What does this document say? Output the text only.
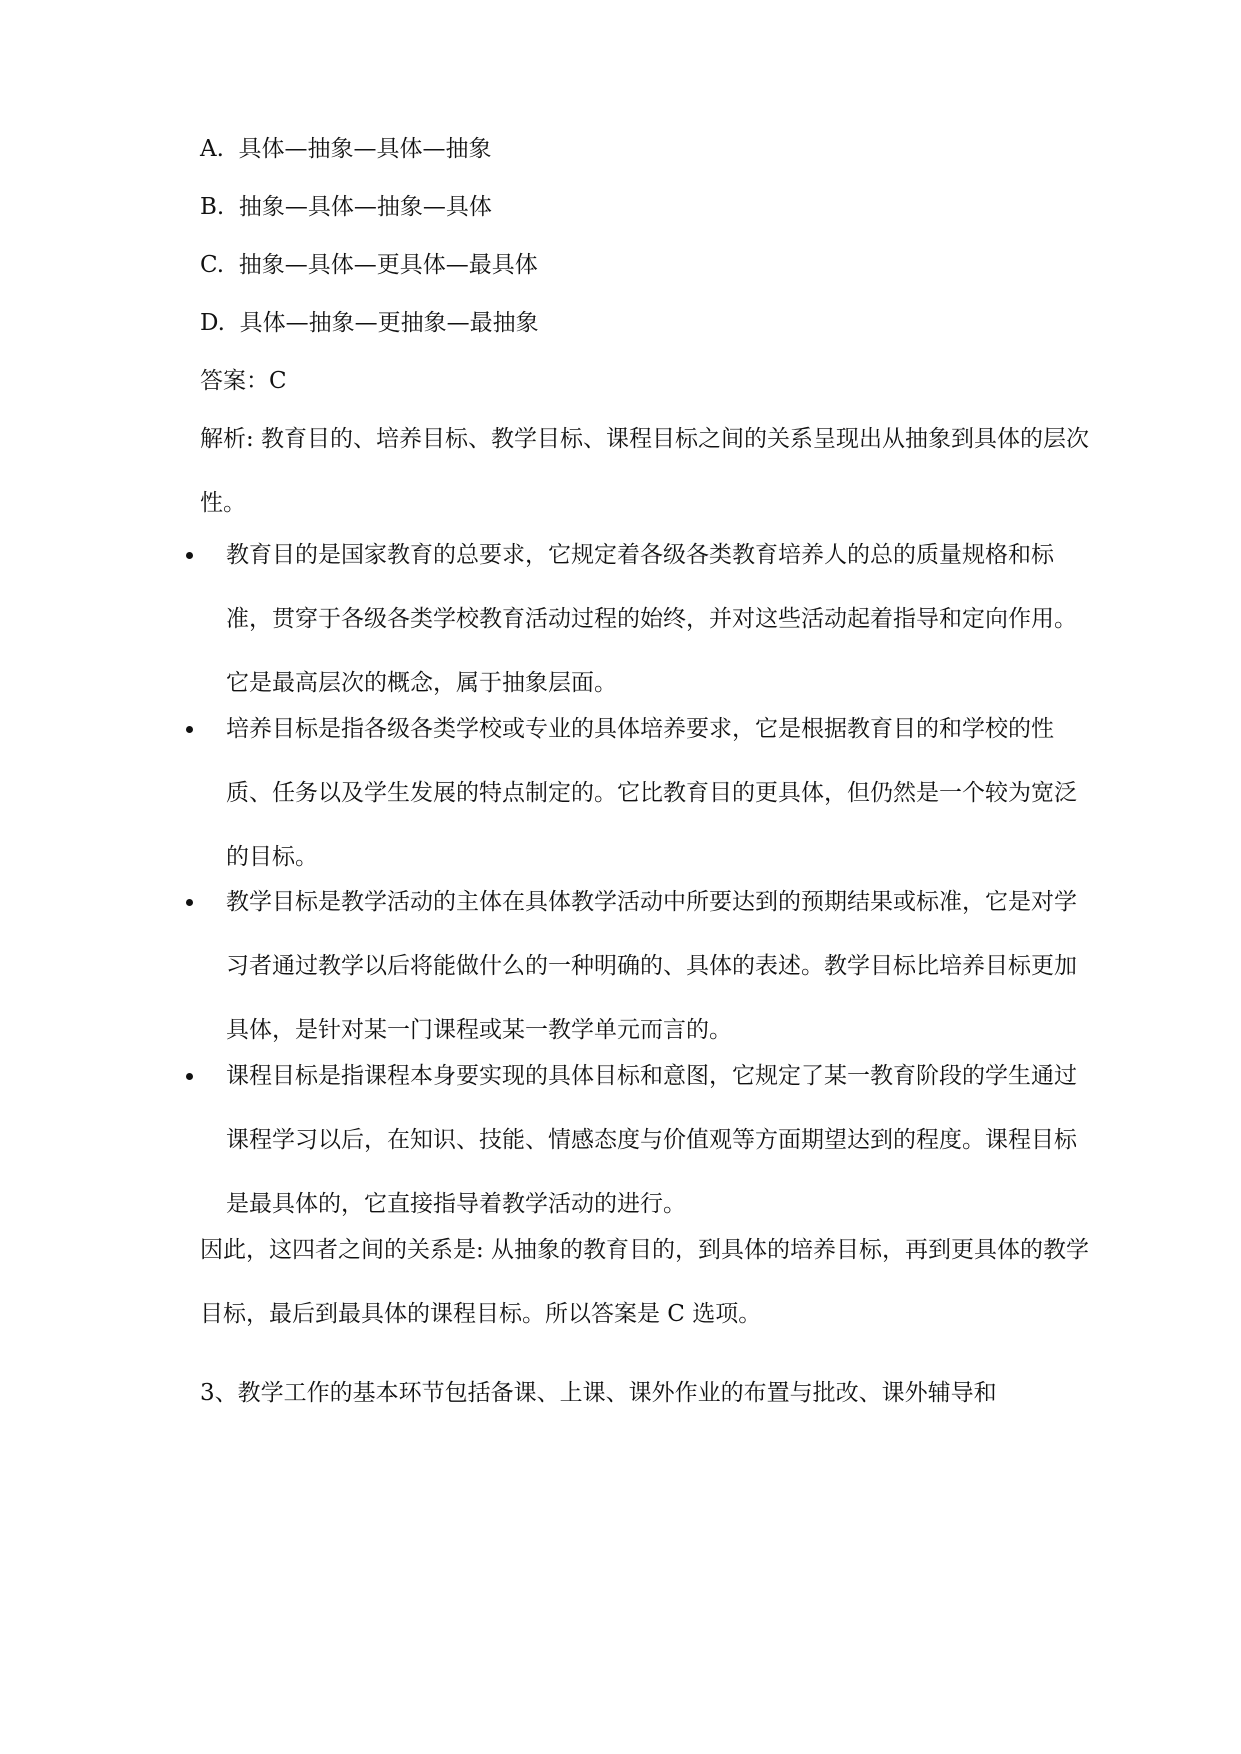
A. 具体—抽象—具体—抽象
B. 抽象—具体—抽象—具体
C. 抽象—具体—更具体—最具体
D. 具体—抽象—更抽象—最抽象
答案：C

解析: 教育目的、培养目标、教学目标、课程目标之间的关系呈现出从抽象到具体的层次性。

教育目的是国家教育的总要求，它规定着各级各类教育培养人的总的质量规格和标准，贯穿于各级各类学校教育活动过程的始终，并对这些活动起着指导和定向作用。它是最高层次的概念，属于抽象层面。
培养目标是指各级各类学校或专业的具体培养要求，它是根据教育目的和学校的性质、任务以及学生发展的特点制定的。它比教育目的更具体，但仍然是一个较为宽泛的目标。
教学目标是教学活动的主体在具体教学活动中所要达到的预期结果或标准，它是对学习者通过教学以后将能做什么的一种明确的、具体的表述。教学目标比培养目标更加具体，是针对某一门课程或某一教学单元而言的。
课程目标是指课程本身要实现的具体目标和意图，它规定了某一教育阶段的学生通过课程学习以后，在知识、技能、情感态度与价值观等方面期望达到的程度。课程目标是最具体的，它直接指导着教学活动的进行。

因此，这四者之间的关系是: 从抽象的教育目的，到具体的培养目标，再到更具体的教学目标，最后到最具体的课程目标。所以答案是 C 选项。

3、教学工作的基本环节包括备课、上课、课外作业的布置与批改、课外辅导和
